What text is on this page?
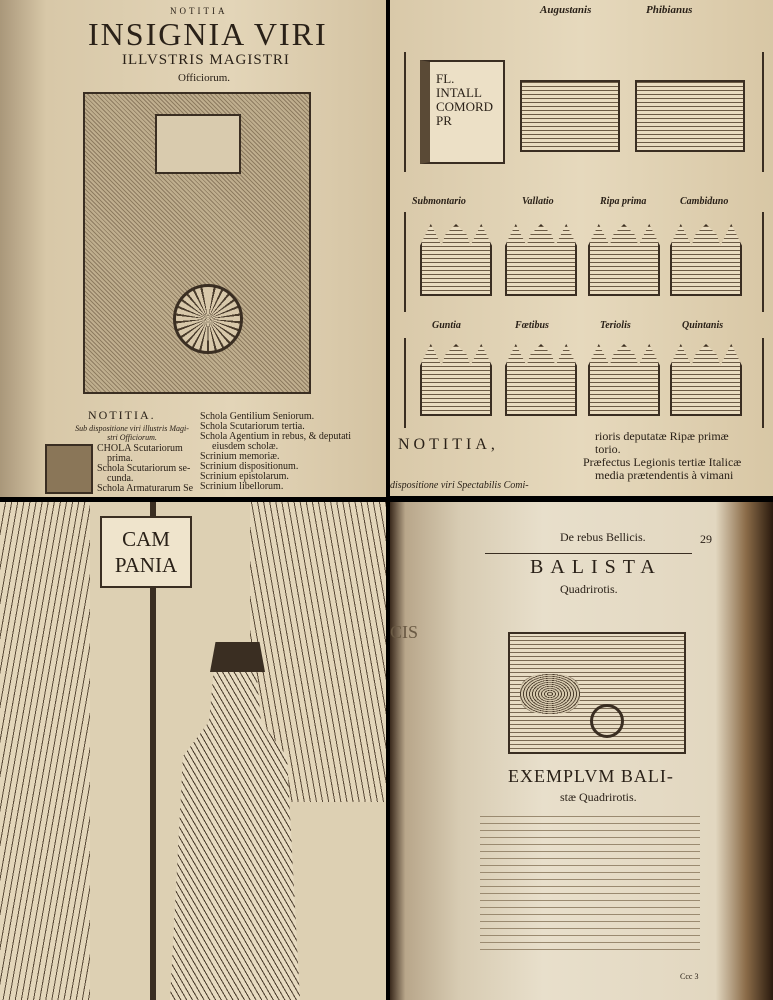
NOTITIA
INSIGNIA VIRI
ILLVSTRIS MAGISTRI
Officiorum.
NOTITIA.
Sub dispositione viri illustris Magi-
stri Officiorum.
CHOLA Scutariorum
prima.
Schola Scutariorum se-
cunda.
Schola Armaturarum Se
Schola Gentilium Seniorum.
Schola Scutariorum tertia.
Schola Agentium in rebus, & deputati
eiusdem scholæ.
Scrinium memoriæ.
Scrinium dispositionum.
Scrinium epistolarum.
Scrinium libellorum.
Augustanis	Phibianus
FL.
INTALL
COMORD
PR
Submontario	Vallatio	Ripa prima	Cambiduno
Guntia	Fœtibus	Teriolis	Quintanis
NOTITIA,
dispositione viri Spectabilis Comi-
rioris deputatæ Ripæ primæ
torio.
Præfectus Legionis tertiæ Italicæ
media prætendentis à vimani
CAM
PANIA
CIS
De rebus Bellicis.	29
BALISTA
Quadrirotis.
EXEMPLVM BALI-
stæ Quadrirotis.
Ccc 3
